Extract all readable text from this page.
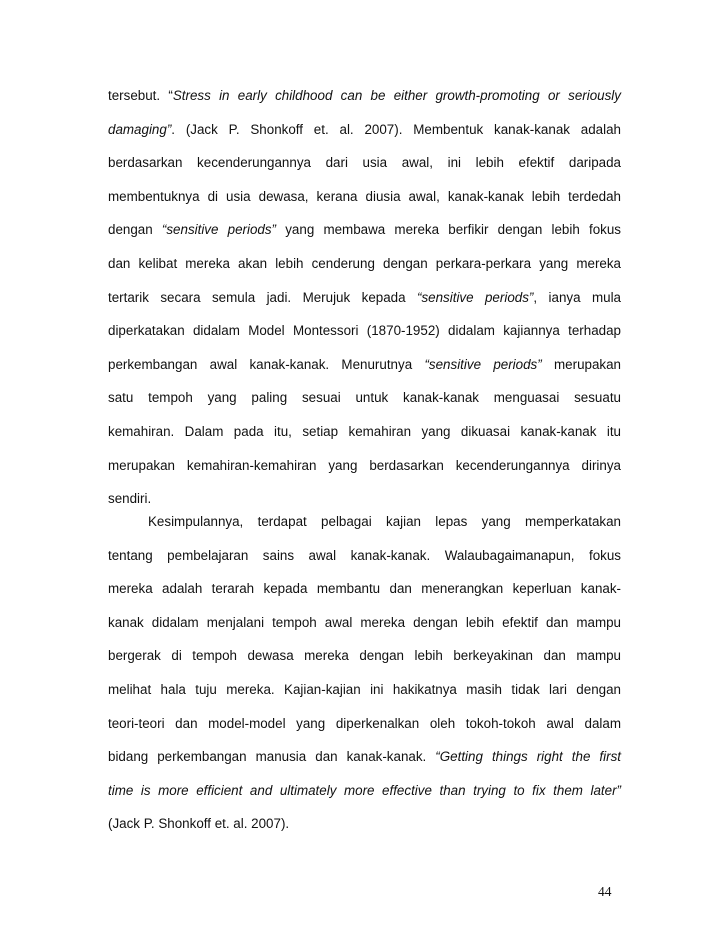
tersebut. “Stress in early childhood can be either growth-promoting or seriously
damaging”. (Jack P. Shonkoff et. al. 2007). Membentuk kanak-kanak adalah
berdasarkan kecenderungannya dari usia awal, ini lebih efektif daripada
membentuknya di usia dewasa, kerana diusia awal, kanak-kanak lebih terdedah
dengan “sensitive periods” yang membawa mereka berfikir dengan lebih fokus
dan kelibat mereka akan lebih cenderung dengan perkara-perkara yang mereka
tertarik secara semula jadi. Merujuk kepada “sensitive periods”, ianya mula
diperkatakan didalam Model Montessori (1870-1952) didalam kajiannya terhadap
perkembangan awal kanak-kanak. Menurutnya “sensitive periods” merupakan
satu tempoh yang paling sesuai untuk kanak-kanak menguasai sesuatu
kemahiran. Dalam pada itu, setiap kemahiran yang dikuasai kanak-kanak itu
merupakan kemahiran-kemahiran yang berdasarkan kecenderungannya dirinya
sendiri.
Kesimpulannya, terdapat pelbagai kajian lepas yang memperkatakan
tentang pembelajaran sains awal kanak-kanak. Walaubagaimanapun, fokus
mereka adalah terarah kepada membantu dan menerangkan keperluan kanak-
kanak didalam menjalani tempoh awal mereka dengan lebih efektif dan mampu
bergerak di tempoh dewasa mereka dengan lebih berkeyakinan dan mampu
melihat hala tuju mereka. Kajian-kajian ini hakikatnya masih tidak lari dengan
teori-teori dan model-model yang diperkenalkan oleh tokoh-tokoh awal dalam
bidang perkembangan manusia dan kanak-kanak. “Getting things right the first
time is more efficient and ultimately more effective than trying to fix them later”
(Jack P. Shonkoff et. al. 2007).
44
